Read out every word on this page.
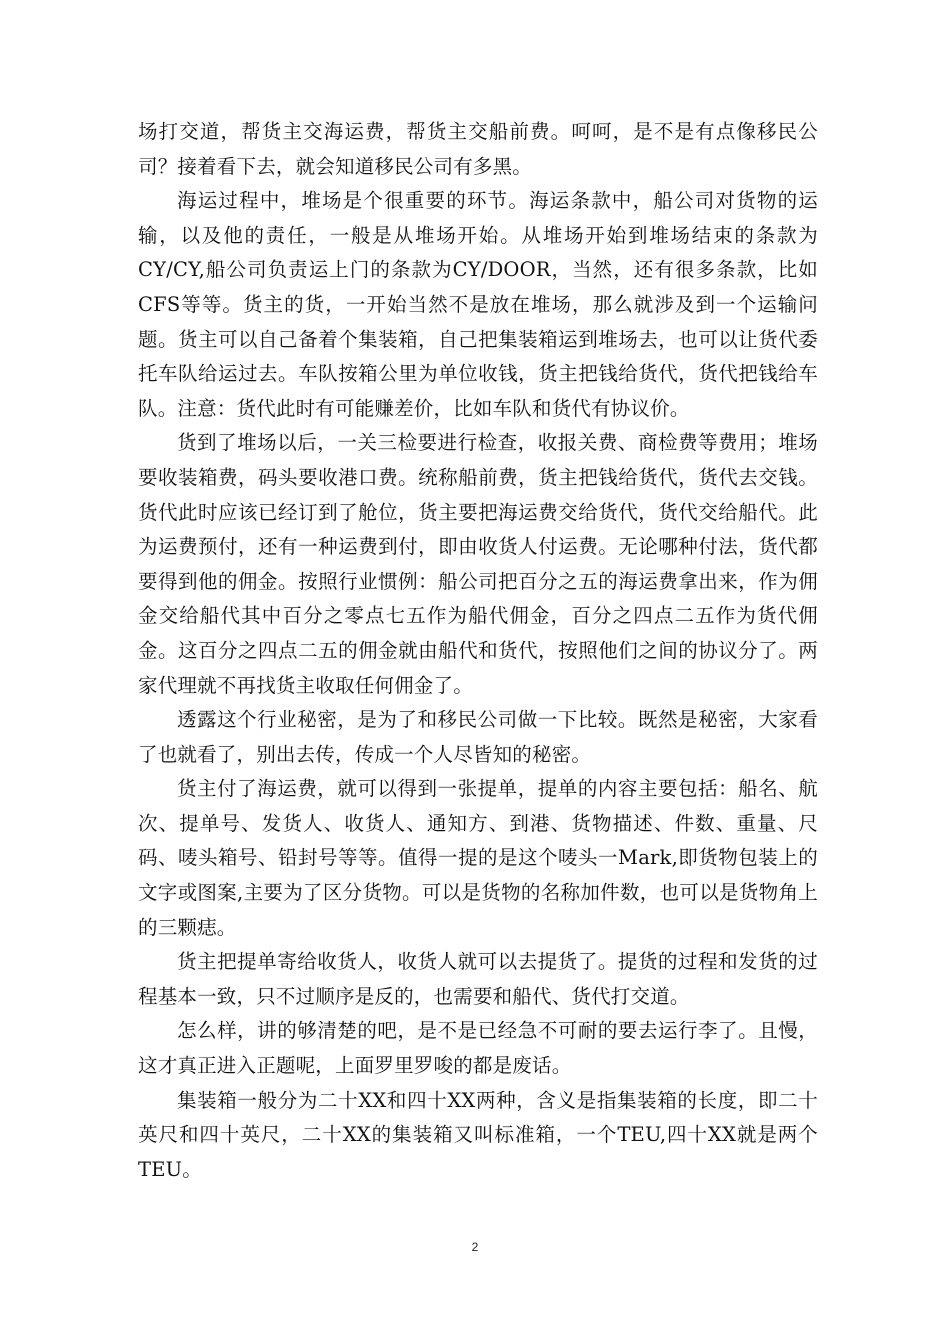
场打交道，帮货主交海运费，帮货主交船前费。呵呵，是不是有点像移民公司？接着看下去，就会知道移民公司有多黑。

海运过程中，堆场是个很重要的环节。海运条款中，船公司对货物的运输，以及他的责任，一般是从堆场开始。从堆场开始到堆场结束的条款为CY/CY,船公司负责运上门的条款为CY/DOOR，当然，还有很多条款，比如CFS等等。货主的货，一开始当然不是放在堆场，那么就涉及到一个运输问题。货主可以自己备着个集装箱，自己把集装箱运到堆场去，也可以让货代委托车队给运过去。车队按箱公里为单位收钱，货主把钱给货代，货代把钱给车队。注意：货代此时有可能赚差价，比如车队和货代有协议价。

货到了堆场以后，一关三检要进行检查，收报关费、商检费等费用；堆场要收装箱费，码头要收港口费。统称船前费，货主把钱给货代，货代去交钱。货代此时应该已经订到了舱位，货主要把海运费交给货代，货代交给船代。此为运费预付，还有一种运费到付，即由收货人付运费。无论哪种付法，货代都要得到他的佣金。按照行业惯例：船公司把百分之五的海运费拿出来，作为佣金交给船代其中百分之零点七五作为船代佣金，百分之四点二五作为货代佣金。这百分之四点二五的佣金就由船代和货代，按照他们之间的协议分了。两家代理就不再找货主收取任何佣金了。

透露这个行业秘密，是为了和移民公司做一下比较。既然是秘密，大家看了也就看了，别出去传，传成一个人尽皆知的秘密。

货主付了海运费，就可以得到一张提单，提单的内容主要包括：船名、航次、提单号、发货人、收货人、通知方、到港、货物描述、件数、重量、尺码、唛头箱号、铅封号等等。值得一提的是这个唛头一Mark,即货物包装上的文字或图案,主要为了区分货物。可以是货物的名称加件数，也可以是货物角上的三颗痣。

货主把提单寄给收货人，收货人就可以去提货了。提货的过程和发货的过程基本一致，只不过顺序是反的，也需要和船代、货代打交道。

怎么样，讲的够清楚的吧，是不是已经急不可耐的要去运行李了。且慢，这才真正进入正题呢，上面罗里罗唆的都是废话。

集装箱一般分为二十XX和四十XX两种，含义是指集装箱的长度，即二十英尺和四十英尺，二十XX的集装箱又叫标准箱，一个TEU,四十XX就是两个TEU。

2
